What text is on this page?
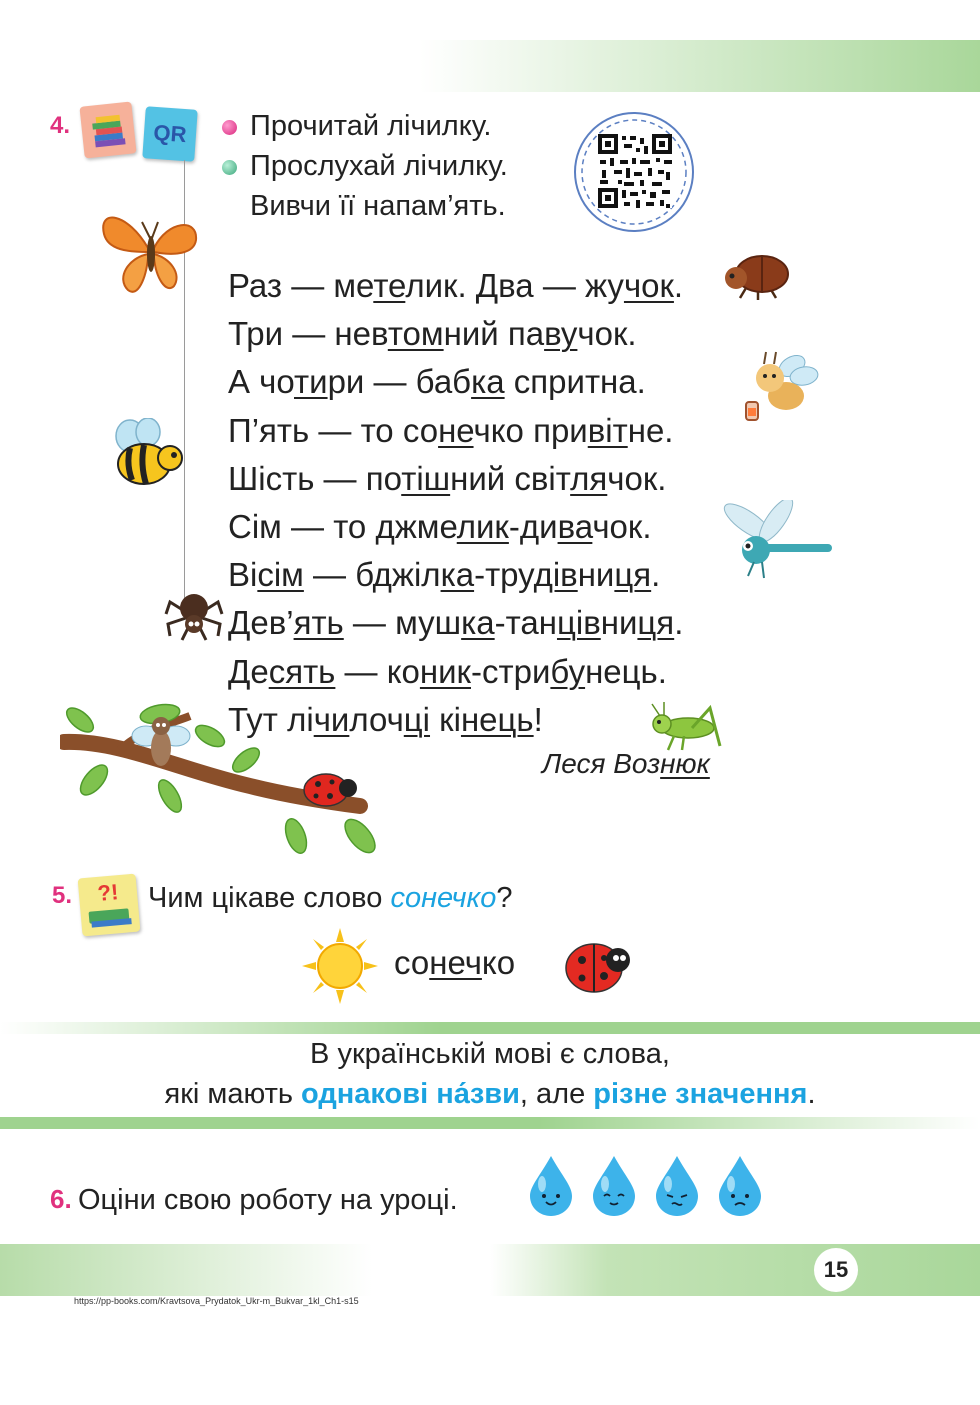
4.	QR	Прочитай лічилку.
Прослухай лічилку.
Вивчи її напам’ять.
Раз — метелик. Два — жучок.
Три — невтомний павучок.
А чотири — бабка спритна.
П’ять — то сонечко привітне.
Шість — потішний світлячок.
Сім — то джмелик-дивачок.
Вісім — бджілка-трудівниця.
Дев’ять — мушка-танцівниця.
Десять — коник-стрибунець.
Тут лічилочці кінець!
Леся Вознюк
5.	?! Чим цікаве слово сонечко?
сонечко
В українській мові є слова,
які мають однакові на́зви, але різне значення.
6. Оцiни свою роботу на уроці.
15
https://pp-books.com/Kravtsova_Prydatok_Ukr-m_Bukvar_1kl_Ch1-s15
